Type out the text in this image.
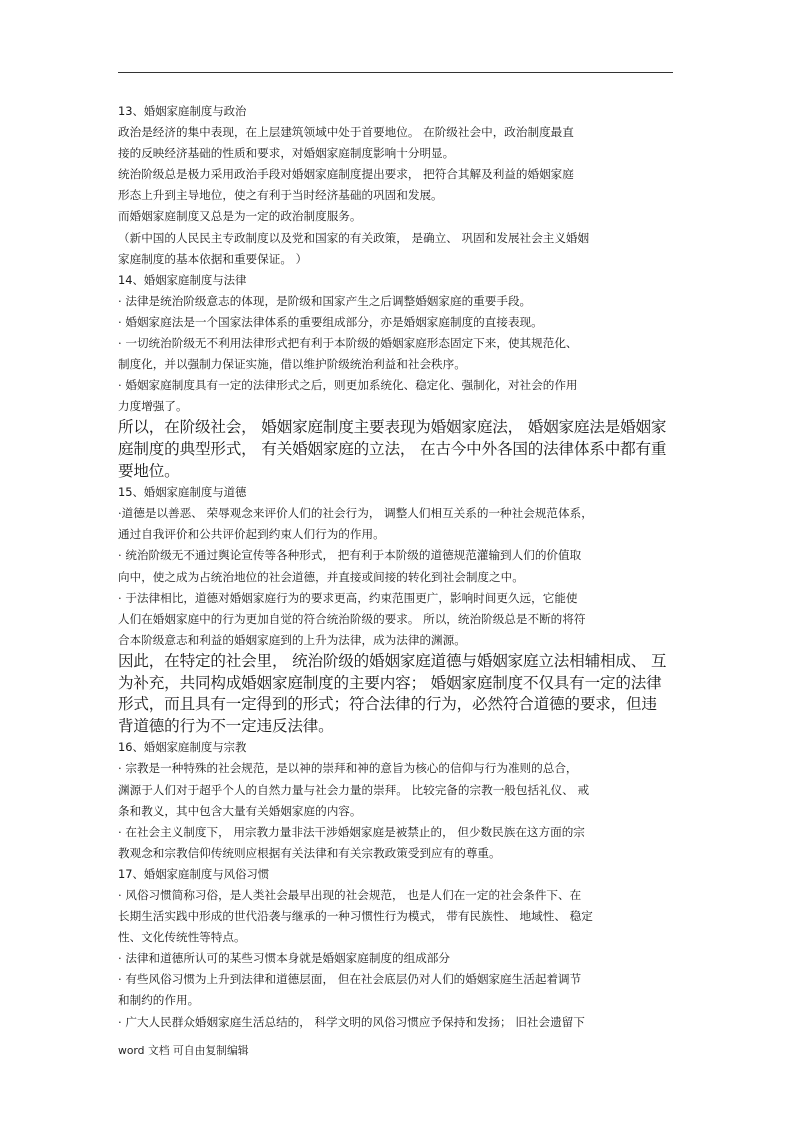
13、婚姻家庭制度与政治
政治是经济的集中表现，在上层建筑领域中处于首要地位。 在阶级社会中，政治制度最直
接的反映经济基础的性质和要求，对婚姻家庭制度影响十分明显。
统治阶级总是极力采用政治手段对婚姻家庭制度提出要求， 把符合其解及利益的婚姻家庭
形态上升到主导地位，使之有利于当时经济基础的巩固和发展。
而婚姻家庭制度又总是为一定的政治制度服务。
（新中国的人民民主专政制度以及党和国家的有关政策， 是确立、 巩固和发展社会主义婚姻
家庭制度的基本依据和重要保证。 ）
14、婚姻家庭制度与法律
· 法律是统治阶级意志的体现，是阶级和国家产生之后调整婚姻家庭的重要手段。
· 婚姻家庭法是一个国家法律体系的重要组成部分，亦是婚姻家庭制度的直接表现。
· 一切统治阶级无不利用法律形式把有利于本阶级的婚姻家庭形态固定下来，使其规范化、
制度化，并以强制力保证实施，借以维护阶级统治利益和社会秩序。
· 婚姻家庭制度具有一定的法律形式之后，则更加系统化、稳定化、强制化，对社会的作用
力度增强了。
所以，在阶级社会， 婚姻家庭制度主要表现为婚姻家庭法， 婚姻家庭法是婚姻家
庭制度的典型形式， 有关婚姻家庭的立法， 在古今中外各国的法律体系中都有重
要地位。
15、婚姻家庭制度与道德
·道德是以善恶、 荣辱观念来评价人们的社会行为， 调整人们相互关系的一种社会规范体系，
通过自我评价和公共评价起到约束人们行为的作用。
· 统治阶级无不通过舆论宣传等各种形式， 把有利于本阶级的道德规范灌输到人们的价值取
向中，使之成为占统治地位的社会道德，并直接或间接的转化到社会制度之中。
· 于法律相比，道德对婚姻家庭行为的要求更高，约束范围更广，影响时间更久远，它能使
人们在婚姻家庭中的行为更加自觉的符合统治阶级的要求。 所以，统治阶级总是不断的将符
合本阶级意志和利益的婚姻家庭到的上升为法律，成为法律的渊源。
因此，在特定的社会里， 统治阶级的婚姻家庭道德与婚姻家庭立法相辅相成、 互
为补充，共同构成婚姻家庭制度的主要内容； 婚姻家庭制度不仅具有一定的法律
形式，而且具有一定得到的形式；符合法律的行为，必然符合道德的要求，但违
背道德的行为不一定违反法律。
16、婚姻家庭制度与宗教
· 宗教是一种特殊的社会规范，是以神的崇拜和神的意旨为核心的信仰与行为准则的总合，
渊源于人们对于超乎个人的自然力量与社会力量的崇拜。 比较完备的宗教一般包括礼仪、 戒
条和教义，其中包含大量有关婚姻家庭的内容。
· 在社会主义制度下， 用宗教力量非法干涉婚姻家庭是被禁止的， 但少数民族在这方面的宗
教观念和宗教信仰传统则应根据有关法律和有关宗教政策受到应有的尊重。
17、婚姻家庭制度与风俗习惯
· 风俗习惯简称习俗，是人类社会最早出现的社会规范， 也是人们在一定的社会条件下、在
长期生活实践中形成的世代沿袭与继承的一种习惯性行为模式， 带有民族性、 地域性、 稳定
性、文化传统性等特点。
· 法律和道德所认可的某些习惯本身就是婚姻家庭制度的组成部分
· 有些风俗习惯为上升到法律和道德层面， 但在社会底层仍对人们的婚姻家庭生活起着调节
和制约的作用。
· 广大人民群众婚姻家庭生活总结的， 科学文明的风俗习惯应予保持和发扬； 旧社会遗留下
word 文档 可自由复制编辑
